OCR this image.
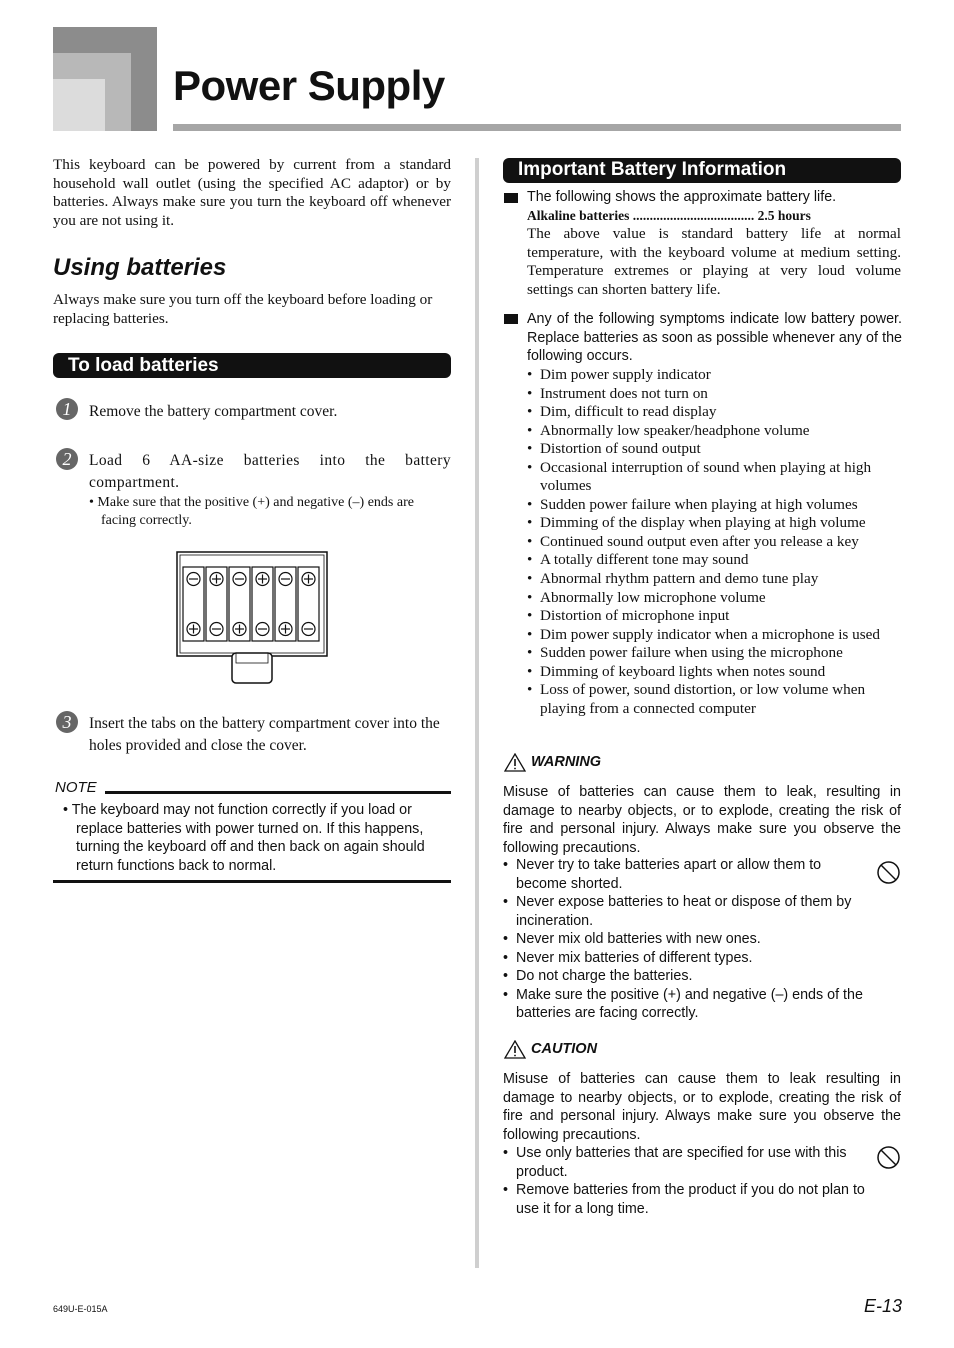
Power Supply
This keyboard can be powered by current from a standard household wall outlet (using the specified AC adaptor) or by batteries. Always make sure you turn the keyboard off whenever you are not using it.
Using batteries
Always make sure you turn off the keyboard before loading or replacing batteries.
To load batteries
1	Remove the battery compartment cover.
2	Load 6 AA-size batteries into the battery compartment.
• Make sure that the positive (+) and negative (–) ends are facing correctly.
3	Insert the tabs on the battery compartment cover into the holes provided and close the cover.
NOTE
• The keyboard may not function correctly if you load or replace batteries with power turned on. If this happens, turning the keyboard off and then back on again should return functions back to normal.
Important Battery Information
The following shows the approximate battery life.
Alkaline batteries .................................... 2.5 hours
The above value is standard battery life at normal temperature, with the keyboard volume at medium setting. Temperature extremes or playing at very loud volume settings can shorten battery life.
Any of the following symptoms indicate low battery power. Replace batteries as soon as possible whenever any of the following occurs.
• Dim power supply indicator
• Instrument does not turn on
• Dim, difficult to read display
• Abnormally low speaker/headphone volume
• Distortion of sound output
• Occasional interruption of sound when playing at high volumes
• Sudden power failure when playing at high volumes
• Dimming of the display when playing at high volume
• Continued sound output even after you release a key
• A totally different tone may sound
• Abnormal rhythm pattern and demo tune play
• Abnormally low microphone volume
• Distortion of microphone input
• Dim power supply indicator when a microphone is used
• Sudden power failure when using the microphone
• Dimming of keyboard lights when notes sound
• Loss of power, sound distortion, or low volume when playing from a connected computer
WARNING
Misuse of batteries can cause them to leak, resulting in damage to nearby objects, or to explode, creating the risk of fire and personal injury. Always make sure you observe the following precautions.
• Never try to take batteries apart or allow them to become shorted.
• Never expose batteries to heat or dispose of them by incineration.
• Never mix old batteries with new ones.
• Never mix batteries of different types.
• Do not charge the batteries.
• Make sure the positive (+) and negative (–) ends of the batteries are facing correctly.
CAUTION
Misuse of batteries can cause them to leak resulting in damage to nearby objects, or to explode, creating the risk of fire and personal injury. Always make sure you observe the following precautions.
• Use only batteries that are specified for use with this product.
• Remove batteries from the product if you do not plan to use it for a long time.
649U-E-015A	E-13
